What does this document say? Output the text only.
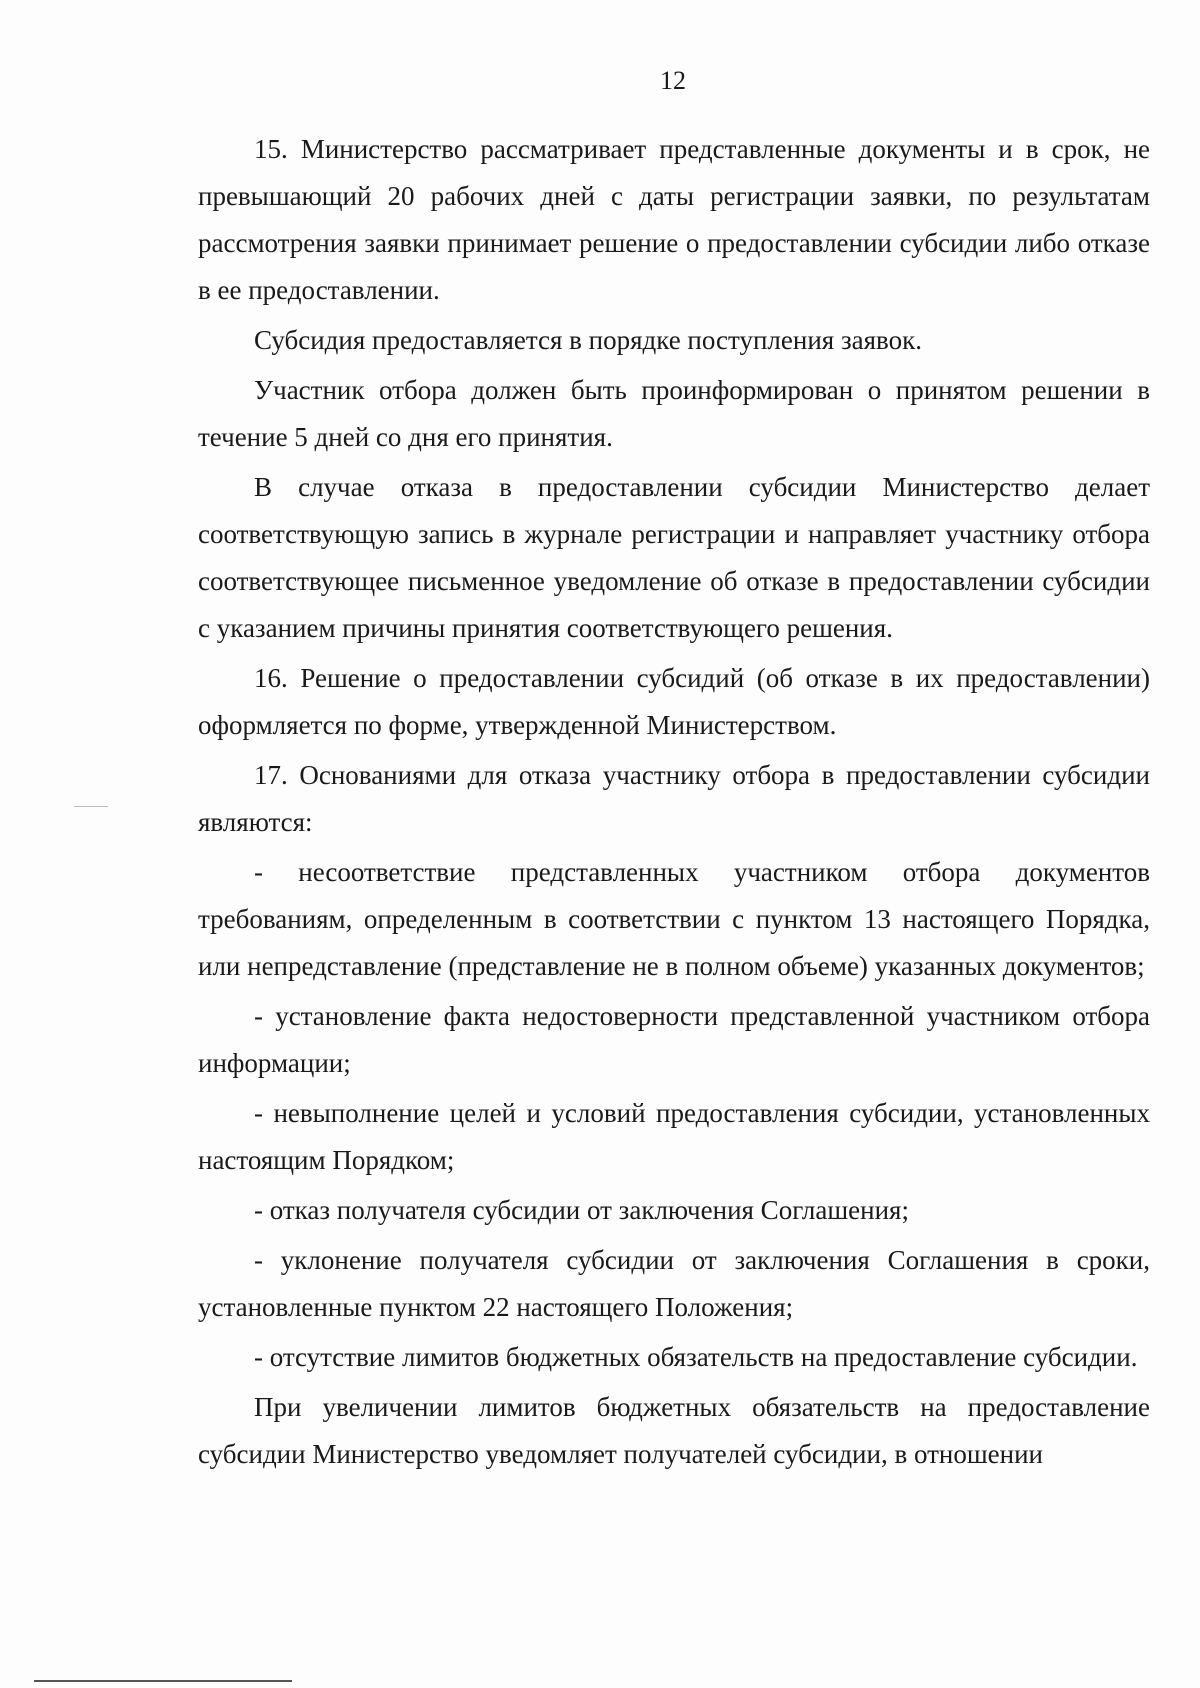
12

15. Министерство рассматривает представленные документы и в срок, не превышающий 20 рабочих дней с даты регистрации заявки, по результатам рассмотрения заявки принимает решение о предоставлении субсидии либо отказе в ее предоставлении.

Субсидия предоставляется в порядке поступления заявок.

Участник отбора должен быть проинформирован о принятом решении в течение 5 дней со дня его принятия.

В случае отказа в предоставлении субсидии Министерство делает соответствующую запись в журнале регистрации и направляет участнику отбора соответствующее письменное уведомление об отказе в предоставлении субсидии с указанием причины принятия соответствующего решения.

16. Решение о предоставлении субсидий (об отказе в их предоставлении) оформляется по форме, утвержденной Министерством.

17. Основаниями для отказа участнику отбора в предоставлении субсидии являются:

- несоответствие представленных участником отбора документов требованиям, определенным в соответствии с пунктом 13 настоящего Порядка, или непредставление (представление не в полном объеме) указанных документов;

- установление факта недостоверности представленной участником отбора информации;

- невыполнение целей и условий предоставления субсидии, установленных настоящим Порядком;

- отказ получателя субсидии от заключения Соглашения;

- уклонение получателя субсидии от заключения Соглашения в сроки, установленные пунктом 22 настоящего Положения;

- отсутствие лимитов бюджетных обязательств на предоставление субсидии.

При увеличении лимитов бюджетных обязательств на предоставление субсидии Министерство уведомляет получателей субсидии, в отношении
